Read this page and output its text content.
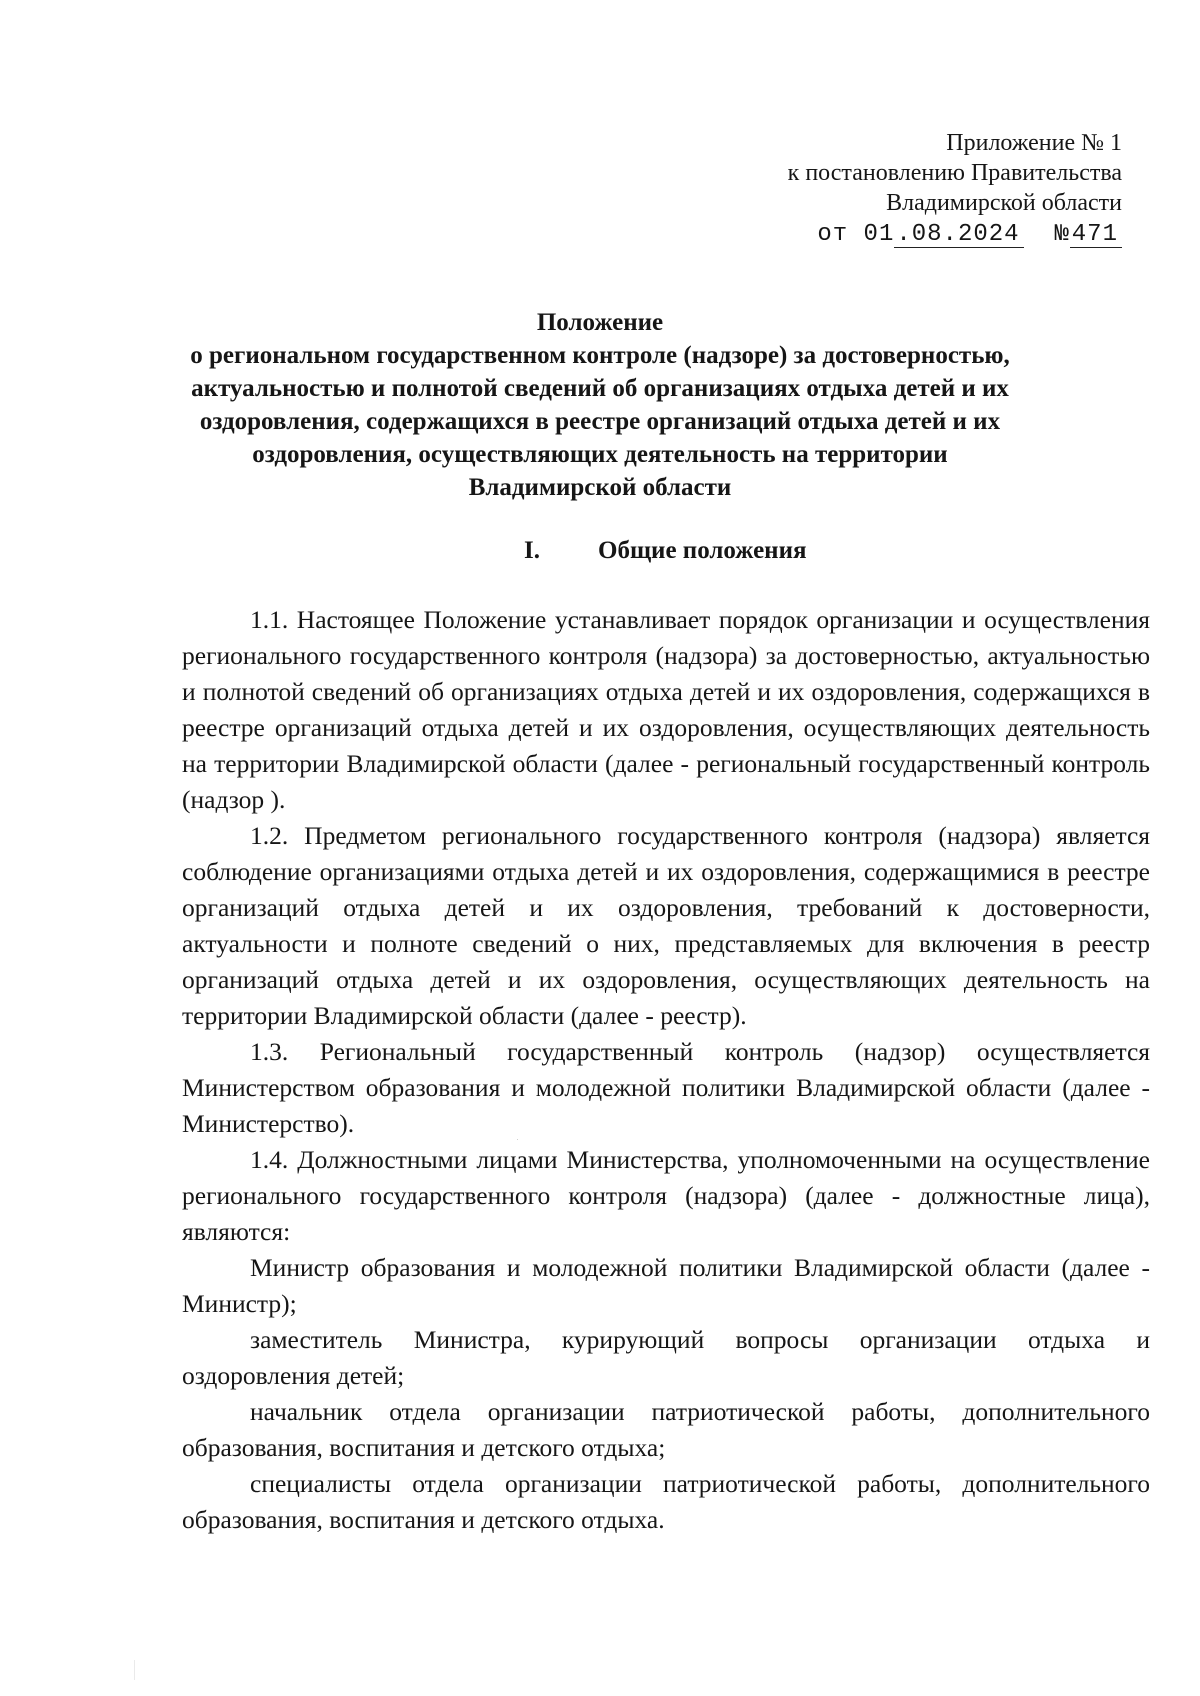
Приложение № 1
к постановлению Правительства
Владимирской области
от 01.08.2024 №471
Положение
о региональном государственном контроле (надзоре) за достоверностью,
актуальностью и полнотой сведений об организациях отдыха детей и их
оздоровления, содержащихся в реестре организаций отдыха детей и их
оздоровления, осуществляющих деятельность на территории
Владимирской области
I. Общие положения

1.1. Настоящее Положение устанавливает порядок организации и осуществления регионального государственного контроля (надзора) за достоверностью, актуальностью и полнотой сведений об организациях отдыха детей и их оздоровления, содержащихся в реестре организаций отдыха детей и их оздоровления, осуществляющих деятельность на территории Владимирской области (далее - региональный государственный контроль (надзор ).

1.2. Предметом регионального государственного контроля (надзора) является соблюдение организациями отдыха детей и их оздоровления, содержащимися в реестре организаций отдыха детей и их оздоровления, требований к достоверности, актуальности и полноте сведений о них, представляемых для включения в реестр организаций отдыха детей и их оздоровления, осуществляющих деятельность на территории Владимирской области (далее - реестр).

1.3. Региональный государственный контроль (надзор) осуществляется Министерством образования и молодежной политики Владимирской области (далее - Министерство).

1.4. Должностными лицами Министерства, уполномоченными на осуществление регионального государственного контроля (надзора) (далее - должностные лица), являются:

Министр образования и молодежной политики Владимирской области (далее - Министр);

заместитель Министра, курирующий вопросы организации отдыха и оздоровления детей;

начальник отдела организации патриотической работы, дополнительного образования, воспитания и детского отдыха;

специалисты отдела организации патриотической работы, дополнительного образования, воспитания и детского отдыха.
